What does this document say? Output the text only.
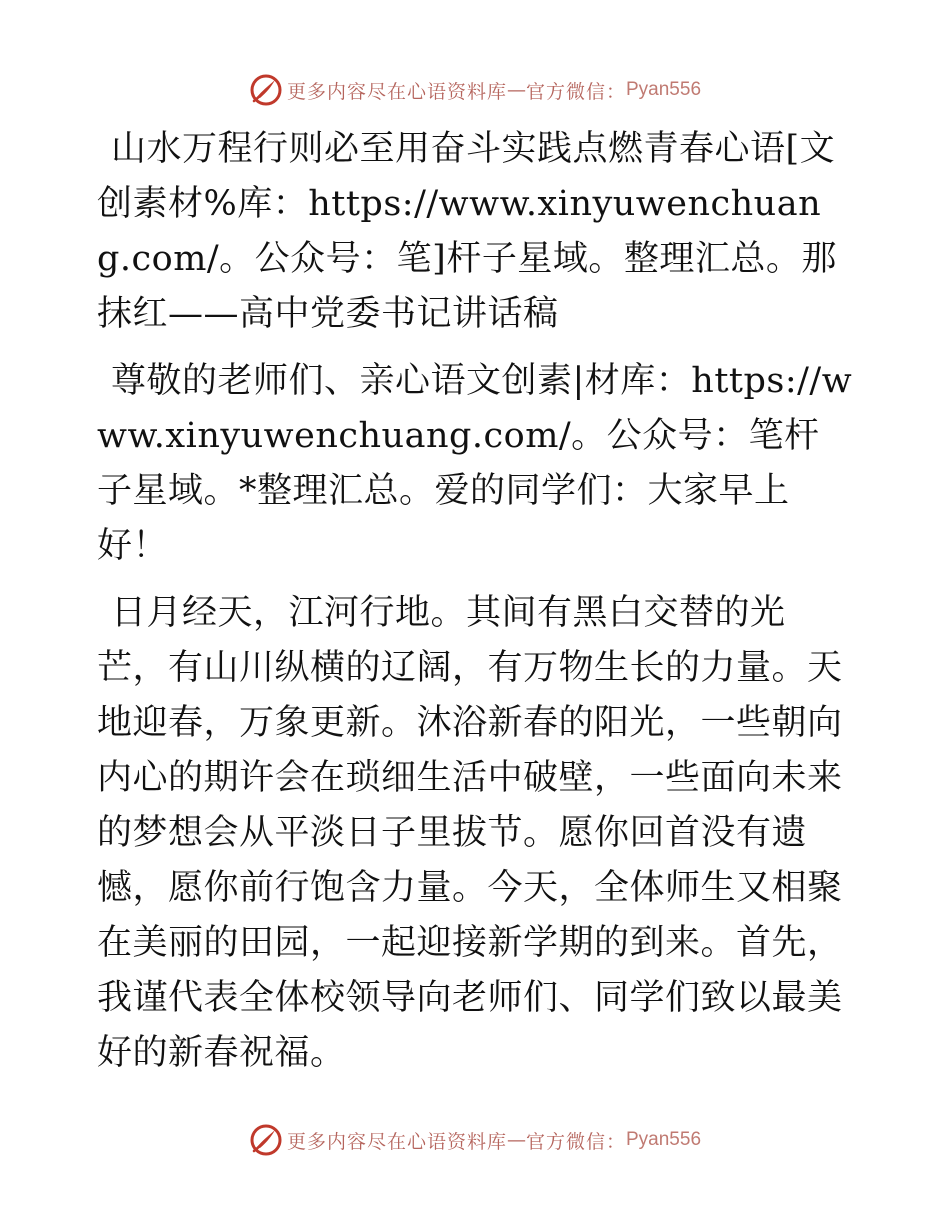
更多内容尽在心语资料库 — 官方微信： Pyan556

山水万程行则必至用奋斗实践点燃青春心语[文创素材%库：https://www.xinyuwenchuang.com/。公众号：笔]杆子星域。整理汇总。那抹红——高中党委书记讲话稿

尊敬的老师们、亲心语文创素|材库：https://www.xinyuwenchuang.com/。公众号：笔杆子星域。*整理汇总。爱的同学们：大家早上好！

日月经天，江河行地。其间有黑白交替的光芒，有山川纵横的辽阔，有万物生长的力量。天地迎春，万象更新。沐浴新春的阳光，一些朝向内心的期许会在琐细生活中破壁，一些面向未来的梦想会从平淡日子里拔节。愿你回首没有遗憾，愿你前行饱含力量。今天，全体师生又相聚在美丽的田园，一起迎接新学期的到来。首先，我谨代表全体校领导向老师们、同学们致以最美好的新春祝福。

更多内容尽在心语资料库 — 官方微信： Pyan556
